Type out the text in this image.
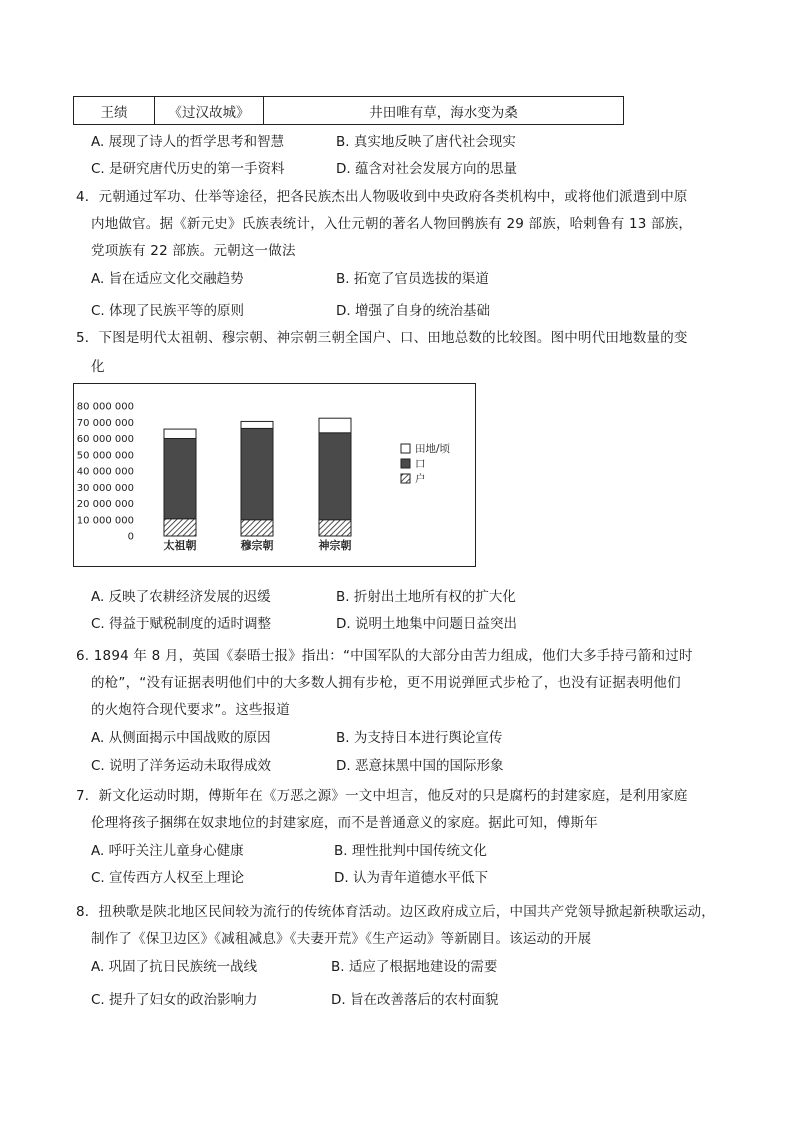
王绩	《过汉故城》	井田唯有草，海水变为桑
A. 展现了诗人的哲学思考和智慧	B. 真实地反映了唐代社会现实
C. 是研究唐代历史的第一手资料	D. 蕴含对社会发展方向的思量
4．元朝通过军功、仕举等途径，把各民族杰出人物吸收到中央政府各类机构中，或将他们派遣到中原
内地做官。据《新元史》氏族表统计，入仕元朝的著名人物回鹘族有 29 部族，哈剌鲁有 13 部族，
党项族有 22 部族。元朝这一做法
A. 旨在适应文化交融趋势	B. 拓宽了官员选拔的渠道
C. 体现了民族平等的原则	D. 增强了自身的统治基础
5．下图是明代太祖朝、穆宗朝、神宗朝三朝全国户、口、田地总数的比较图。图中明代田地数量的变
化
0
10 000 000
20 000 000
30 000 000
40 000 000
50 000 000
60 000 000
70 000 000
80 000 000
太祖朝	穆宗朝	神宗朝
田地/顷
口
户
A. 反映了农耕经济发展的迟缓	B. 折射出土地所有权的扩大化
C. 得益于赋税制度的适时调整	D. 说明土地集中问题日益突出
6. 1894 年 8 月，英国《泰晤士报》指出：“中国军队的大部分由苦力组成，他们大多手持弓箭和过时
的枪”，“没有证据表明他们中的大多数人拥有步枪，更不用说弹匣式步枪了，也没有证据表明他们
的火炮符合现代要求”。这些报道
A. 从侧面揭示中国战败的原因	B. 为支持日本进行舆论宣传
C. 说明了洋务运动未取得成效	D. 恶意抹黑中国的国际形象
7．新文化运动时期，傅斯年在《万恶之源》一文中坦言，他反对的只是腐朽的封建家庭，是利用家庭
伦理将孩子捆绑在奴隶地位的封建家庭，而不是普通意义的家庭。据此可知，傅斯年
A. 呼吁关注儿童身心健康	B. 理性批判中国传统文化
C. 宣传西方人权至上理论	D. 认为青年道德水平低下
8．扭秧歌是陕北地区民间较为流行的传统体育活动。边区政府成立后，中国共产党领导掀起新秧歌运动，
制作了《保卫边区》《减租减息》《夫妻开荒》《生产运动》等新剧目。该运动的开展
A. 巩固了抗日民族统一战线	B. 适应了根据地建设的需要
C. 提升了妇女的政治影响力	D. 旨在改善落后的农村面貌
